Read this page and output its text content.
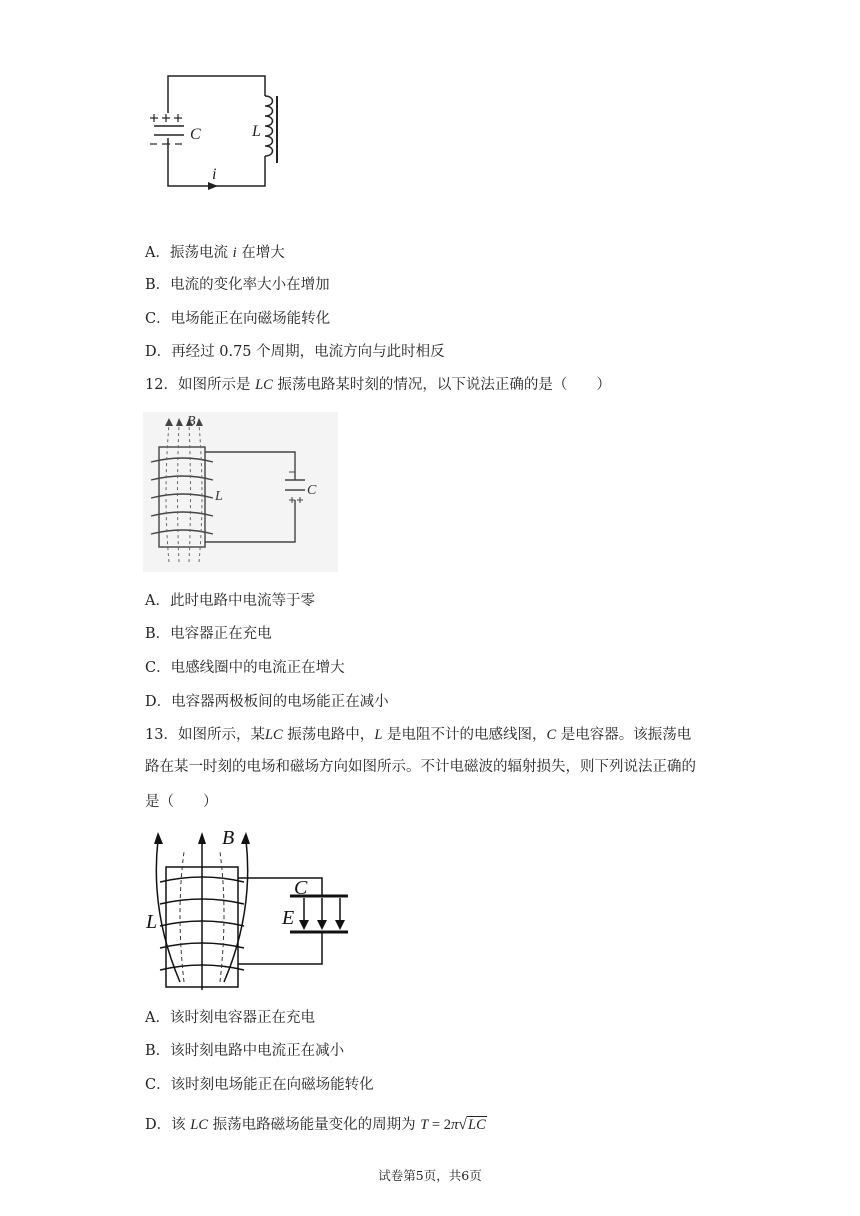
C	L
i
A．振荡电流 i 在增大
B．电流的变化率大小在增加
C．电场能正在向磁场能转化
D．再经过 0.75 个周期，电流方向与此时相反
12．如图所示是 LC 振荡电路某时刻的情况，以下说法正确的是（　　）
B
L	C
A．此时电路中电流等于零
B．电容器正在充电
C．电感线圈中的电流正在增大
D．电容器两极板间的电场能正在减小
13．如图所示，某LC 振荡电路中，L 是电阻不计的电感线图，C 是电容器。该振荡电
路在某一时刻的电场和磁场方向如图所示。不计电磁波的辐射损失，则下列说法正确的
是（　　）
B
L
C
E
A．该时刻电容器正在充电
B．该时刻电路中电流正在减小
C．该时刻电场能正在向磁场能转化
D．该 LC 振荡电路磁场能量变化的周期为 T = 2π√LC
试卷第5页，共6页
